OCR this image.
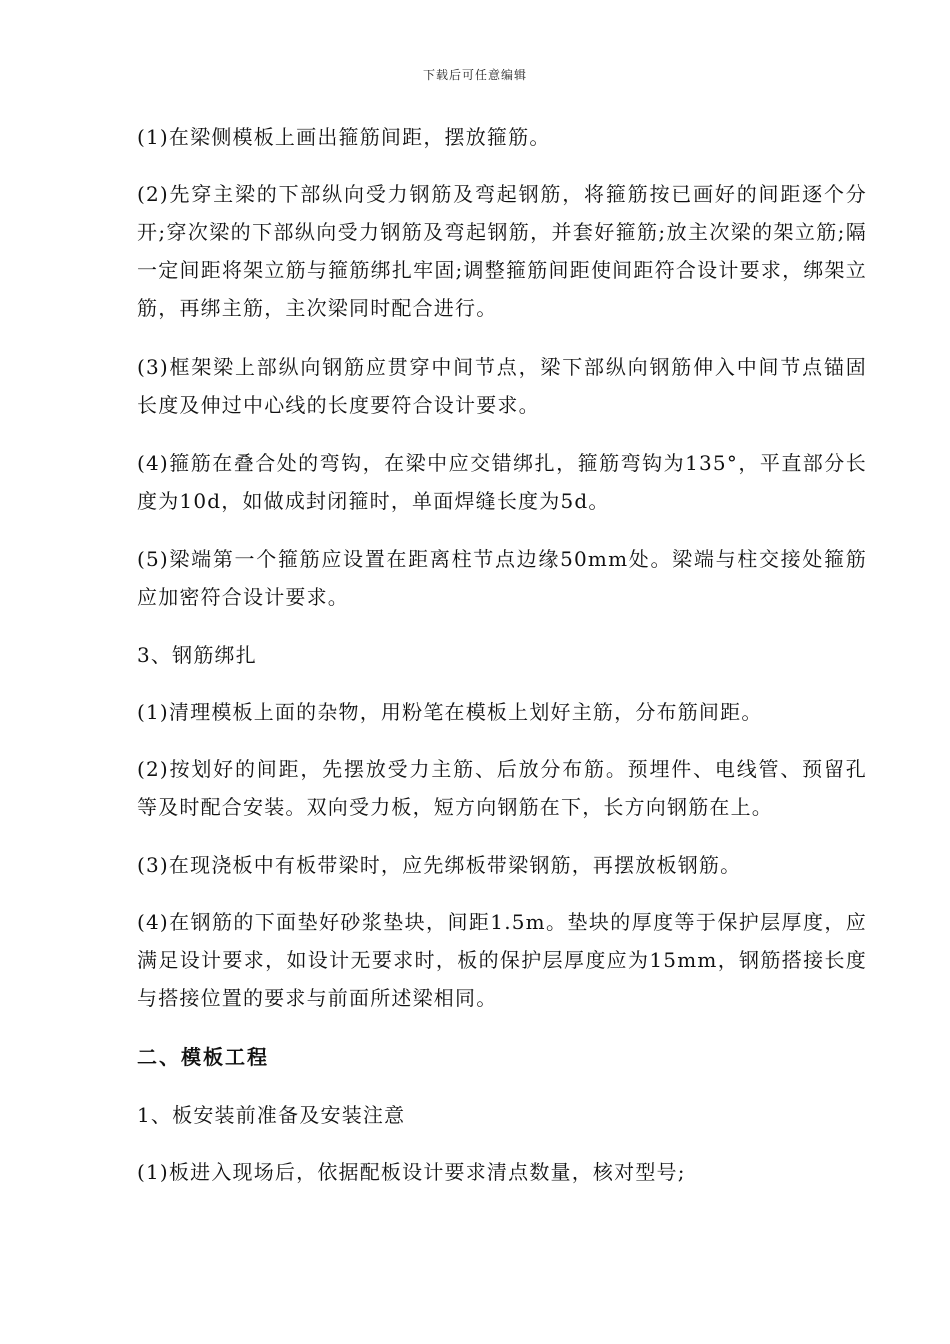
下载后可任意编辑
(1)在梁侧模板上画出箍筋间距，摆放箍筋。
(2)先穿主梁的下部纵向受力钢筋及弯起钢筋，将箍筋按已画好的间距逐个分开;穿次梁的下部纵向受力钢筋及弯起钢筋，并套好箍筋;放主次梁的架立筋;隔一定间距将架立筋与箍筋绑扎牢固;调整箍筋间距使间距符合设计要求，绑架立筋，再绑主筋，主次梁同时配合进行。
(3)框架梁上部纵向钢筋应贯穿中间节点，梁下部纵向钢筋伸入中间节点锚固长度及伸过中心线的长度要符合设计要求。
(4)箍筋在叠合处的弯钩，在梁中应交错绑扎，箍筋弯钩为135°，平直部分长度为10d，如做成封闭箍时，单面焊缝长度为5d。
(5)梁端第一个箍筋应设置在距离柱节点边缘50mm处。梁端与柱交接处箍筋应加密符合设计要求。
3、钢筋绑扎
(1)清理模板上面的杂物，用粉笔在模板上划好主筋，分布筋间距。
(2)按划好的间距，先摆放受力主筋、后放分布筋。预埋件、电线管、预留孔等及时配合安装。双向受力板，短方向钢筋在下，长方向钢筋在上。
(3)在现浇板中有板带梁时，应先绑板带梁钢筋，再摆放板钢筋。
(4)在钢筋的下面垫好砂浆垫块，间距1.5m。垫块的厚度等于保护层厚度，应满足设计要求，如设计无要求时，板的保护层厚度应为15mm，钢筋搭接长度与搭接位置的要求与前面所述梁相同。
二、模板工程
1、板安装前准备及安装注意
(1)板进入现场后，依据配板设计要求清点数量，核对型号;
